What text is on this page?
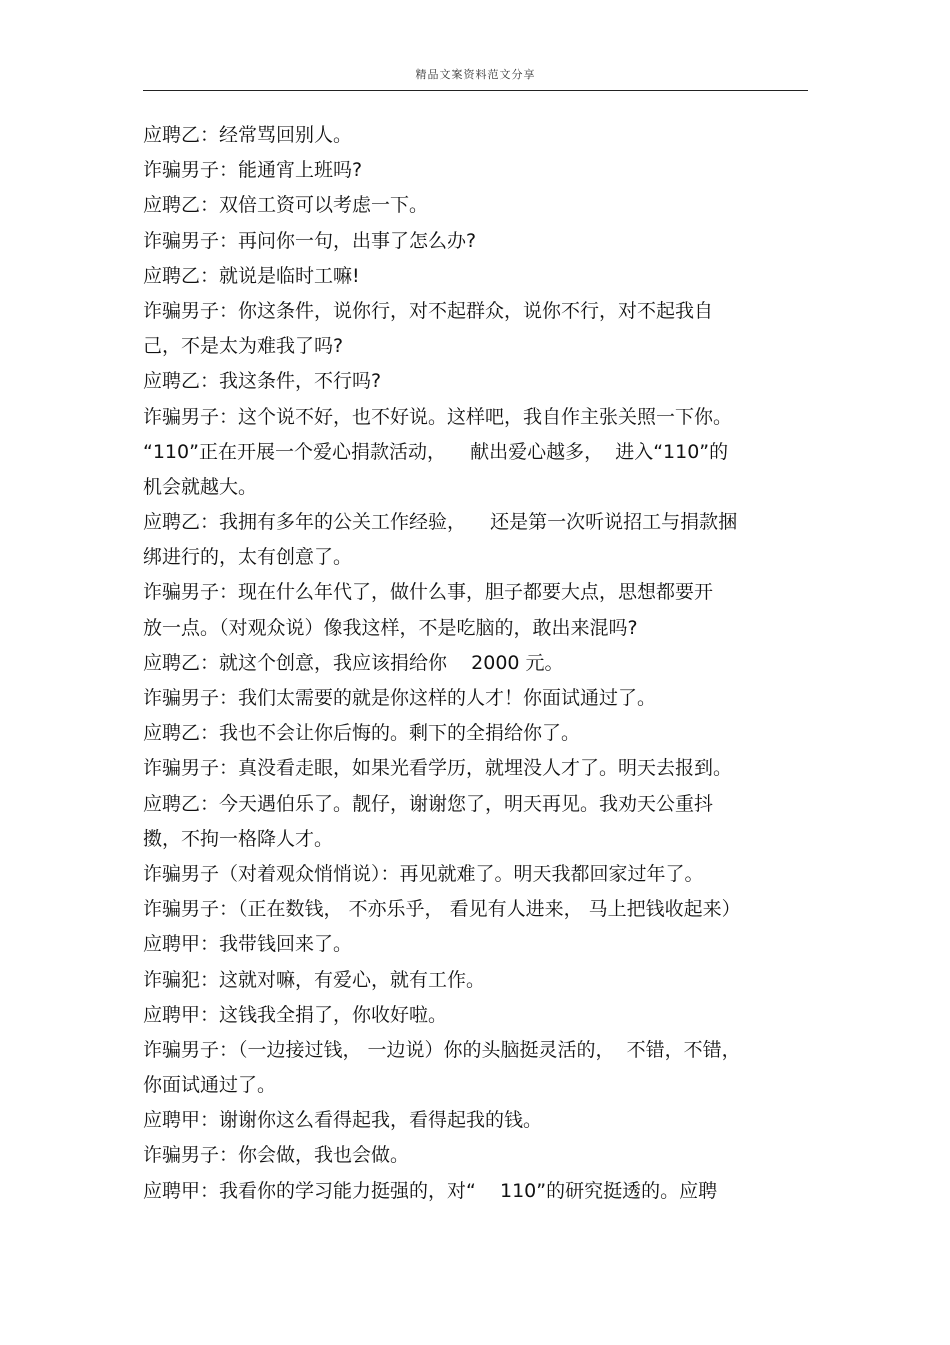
精品文案资料范文分享
应聘乙：经常骂回别人。
诈骗男子：能通宵上班吗?
应聘乙：双倍工资可以考虑一下。
诈骗男子：再问你一句，出事了怎么办?
应聘乙：就说是临时工嘛!
诈骗男子：你这条件，说你行，对不起群众，说你不行，对不起我自
己，不是太为难我了吗?
应聘乙：我这条件，不行吗?
诈骗男子：这个说不好，也不好说。这样吧，我自作主张关照一下你。
“110”正在开展一个爱心捐款活动，    献出爱心越多，  进入“110”的
机会就越大。
应聘乙：我拥有多年的公关工作经验，    还是第一次听说招工与捐款捆
绑进行的，太有创意了。
诈骗男子：现在什么年代了，做什么事，胆子都要大点，思想都要开
放一点。（对观众说）像我这样，不是吃脑的，敢出来混吗?
应聘乙：就这个创意，我应该捐给你    2000 元。
诈骗男子：我们太需要的就是你这样的人才！你面试通过了。
应聘乙：我也不会让你后悔的。剩下的全捐给你了。
诈骗男子：真没看走眼，如果光看学历，就埋没人才了。明天去报到。
应聘乙：今天遇伯乐了。靓仔，谢谢您了，明天再见。我劝天公重抖
擞，不拘一格降人才。
诈骗男子（对着观众悄悄说）：再见就难了。明天我都回家过年了。
诈骗男子：（正在数钱， 不亦乐乎， 看见有人进来， 马上把钱收起来）
应聘甲：我带钱回来了。
诈骗犯：这就对嘛，有爱心，就有工作。
应聘甲：这钱我全捐了，你收好啦。
诈骗男子：（一边接过钱， 一边说）你的头脑挺灵活的，  不错，不错，
你面试通过了。
应聘甲：谢谢你这么看得起我，看得起我的钱。
诈骗男子：你会做，我也会做。
应聘甲：我看你的学习能力挺强的，对“    110”的研究挺透的。应聘
